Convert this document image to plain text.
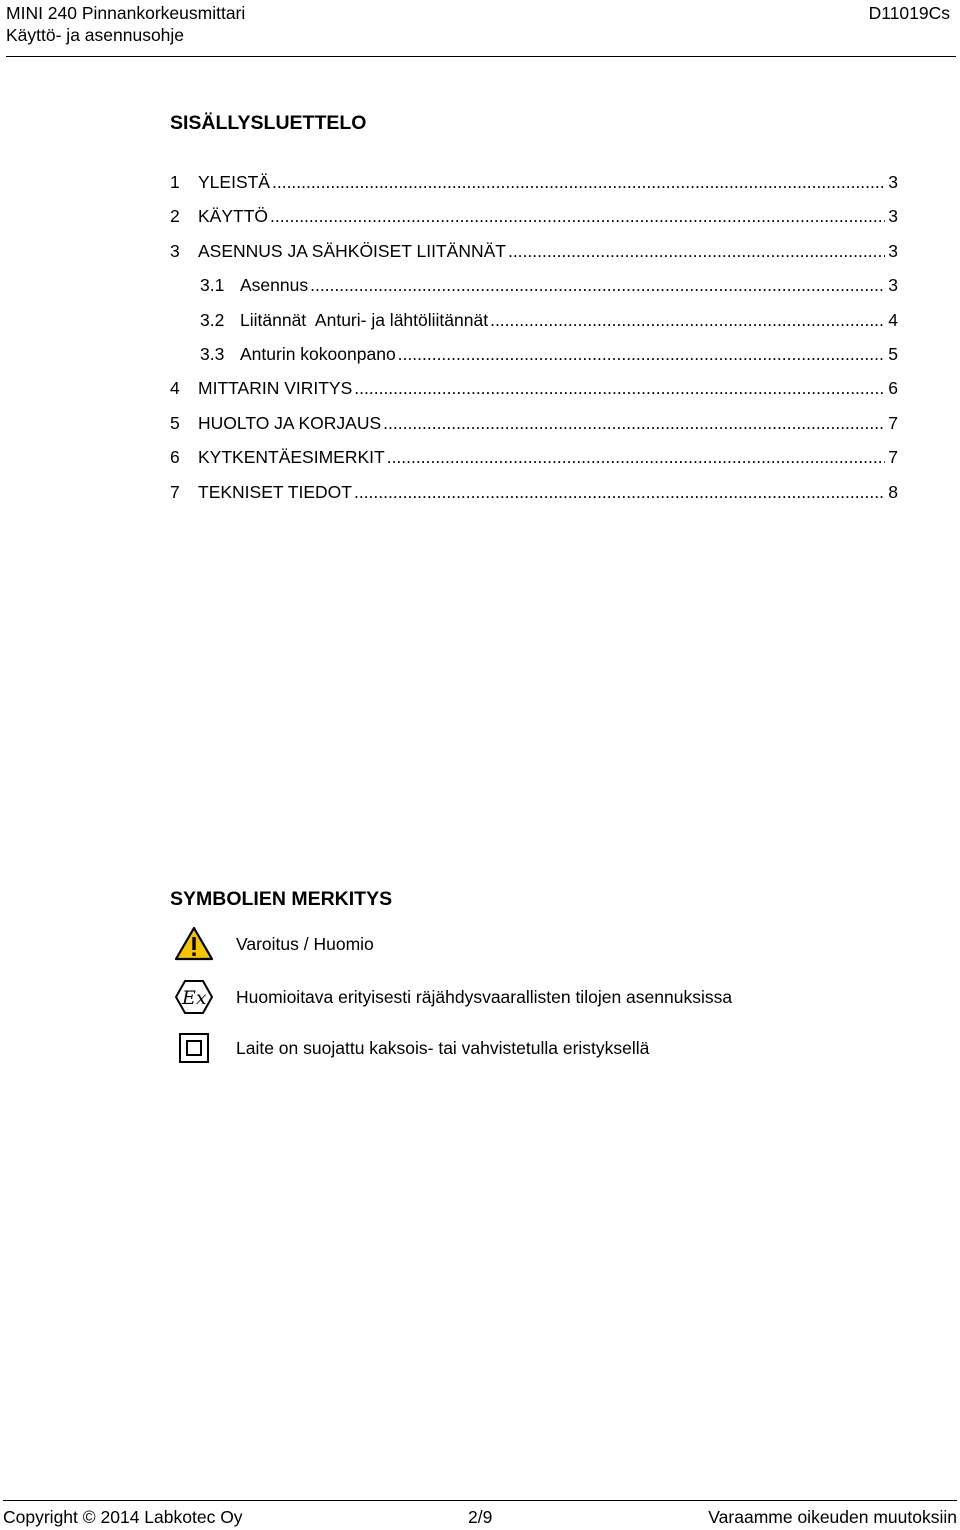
MINI 240 Pinnankorkeusmittari
Käyttö- ja asennusohje
D11019Cs
SISÄLLYSLUETTELO
1	YLEISTÄ .....	3
2	KÄYTTÖ .....	3
3	ASENNUS JA SÄHKÖISET LIITÄNNÄT .....	3
3.1 Asennus .....	3
3.2 Liitännät  Anturi- ja lähtöliitännät .....	4
3.3 Anturin kokoonpano .....	5
4	MITTARIN VIRITYS .....	6
5	HUOLTO JA KORJAUS .....	7
6	KYTKENTÄESIMERKIT .....	7
7	TEKNISET TIEDOT .....	8
SYMBOLIEN MERKITYS
Varoitus / Huomio
Ex Huomioitava erityisesti räjähdysvaarallisten tilojen asennuksissa
Laite on suojattu kaksois- tai vahvistetulla eristyksellä
Copyright © 2014 Labkotec Oy	2/9	Varaamme oikeuden muutoksiin
